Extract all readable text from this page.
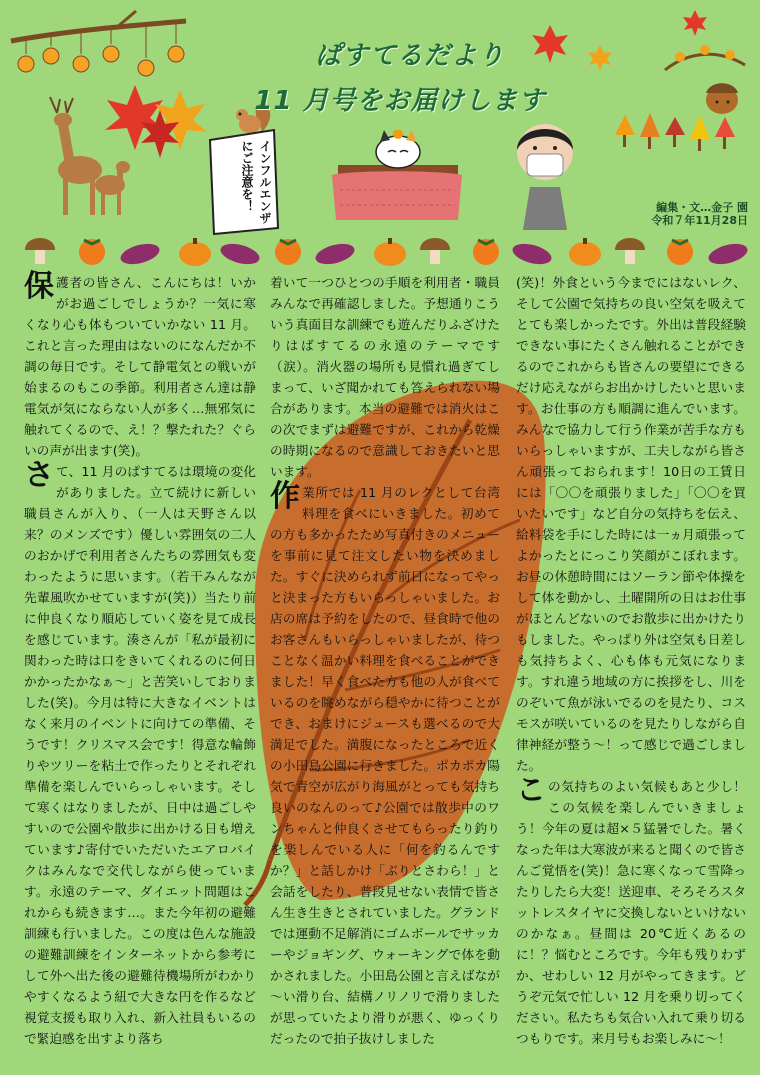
インフルエンザにご注意を！
ぱすてるだより
11 月号をお届けします
編集・文…金子 園
令和７年11月28日

保護者の皆さん、こんにちは！いかがお過ごしでしょうか？一気に寒くなり心も体もついていかない 11 月。これと言った理由はないのになんだか不調の毎日です。そして静電気との戦いが始まるのもこの季節。利用者さん達は静電気が気にならない人が多く…無邪気に触れてくるので、え！？撃たれた？ぐらいの声が出ます(笑)。

さて、11 月のぱすてるは環境の変化がありました。立て続けに新しい職員さんが入り、（一人は天野さん以来？のメンズです）優しい雰囲気の二人のおかげで利用者さんたちの雰囲気も変わったように思います。（若干みんなが先輩風吹かせていますが(笑)）当たり前に仲良くなり順応していく姿を見て成長を感じています。湊さんが「私が最初に関わった時は口をきいてくれるのに何日かかったかなぁ～」と苦笑いしておりました(笑)。今月は特に大きなイベントはなく来月のイベントに向けての準備、そうです！クリスマス会です！得意な輪飾りやツリーを粘土で作ったりとそれぞれ準備を楽しんでいらっしゃいます。そして寒くはなりましたが、日中は過ごしやすいので公園や散歩に出かける日も増えています♪寄付でいただいたエアロバイクはみんなで交代しながら使っています。永遠のテーマ、ダイエット問題はこれからも続きます…。また今年初の避難訓練も行いました。この度は色んな施設の避難訓練をインターネットから参考にして外へ出た後の避難待機場所がわかりやすくなるよう紐で大きな円を作るなど視覚支援も取り入れ、新入社員もいるので緊迫感を出すより落ち

着いて一つひとつの手順を利用者・職員みんなで再確認しました。予想通りこういう真面目な訓練でも遊んだりふざけたりはばすてるの永遠のテーマです（涙）。消火器の場所も見慣れ過ぎてしまって、いざ聞かれても答えられない場合があります。本当の避難では消火はこの次でまずは避難ですが、これから乾燥の時期になるので意識しておきたいと思います。

作業所では 11 月のレクとして台湾料理を食べにいきました。初めての方も多かったため写真付きのメニューを事前に見て注文したい物を決めました。すぐに決められず前日になってやっと決まった方もいらっしゃいました。お店の席は予約をしたので、昼食時で他のお客さんもいらっしゃいましたが、待つことなく温かい料理を食べることができました！早く食べた方も他の人が食べているのを眺めながら穏やかに待つことができ、おまけにジュースも選べるので大満足でした。満腹になったところで近くの小田島公園に行きました。ポカポカ陽気で青空が広がり海風がとっても気持ち良いのなんのって♪公園では散歩中のワンちゃんと仲良くさせてもらったり釣りを楽しんでいる人に「何を釣るんですか？」と話しかけ「ぶりとさわら！」と会話をしたり、普段見せない表情で皆さん生き生きとされていました。グランドでは運動不足解消にゴムボールでサッカーやジョギング、ウォーキングで体を動かされました。小田島公園と言えばなが～い滑り台、結構ノリノリで滑りましたが思っていたより滑りが悪く、ゆっくりだったので拍子抜けしました

(笑)！外食という今までにはないレク、そして公園で気持ちの良い空気を吸えてとても楽しかったです。外出は普段経験できない事にたくさん触れることができるのでこれからも皆さんの要望にできるだけ応えながらお出かけしたいと思います。お仕事の方も順調に進んでいます。みんなで協力して行う作業が苦手な方もいらっしゃいますが、工夫しながら皆さん頑張っておられます！10日の工賃日には「〇〇を頑張りました」「〇〇を買いたいです」など自分の気持ちを伝え、給料袋を手にした時には一ヵ月頑張ってよかったとにっこり笑顔がこぼれます。お昼の休憩時間にはソーラン節や体操をして体を動かし、土曜開所の日はお仕事がほとんどないのでお散歩に出かけたりもしました。やっぱり外は空気も日差しも気持ちよく、心も体も元気になります。すれ違う地域の方に挨拶をし、川をのぞいて魚が泳いでるのを見たり、コスモスが咲いているのを見たりしながら自律神経が整う～！って感じで過ごしました。

この気持ちのよい気候もあと少し！この気候を楽しんでいきましょう！今年の夏は超×５猛暑でした。暑くなった年は大寒波が来ると聞くので皆さんご覚悟を(笑)！急に寒くなって雪降ったりしたら大変！送迎車、そろそろスタットレスタイヤに交換しないといけないのかなぁ。昼間は 20℃近くあるのに！？悩むところです。今年も残りわずか、せわしい 12 月がやってきます。どうぞ元気で忙しい 12 月を乗り切ってください。私たちも気合い入れて乗り切るつもりです。来月号もお楽しみに～！
